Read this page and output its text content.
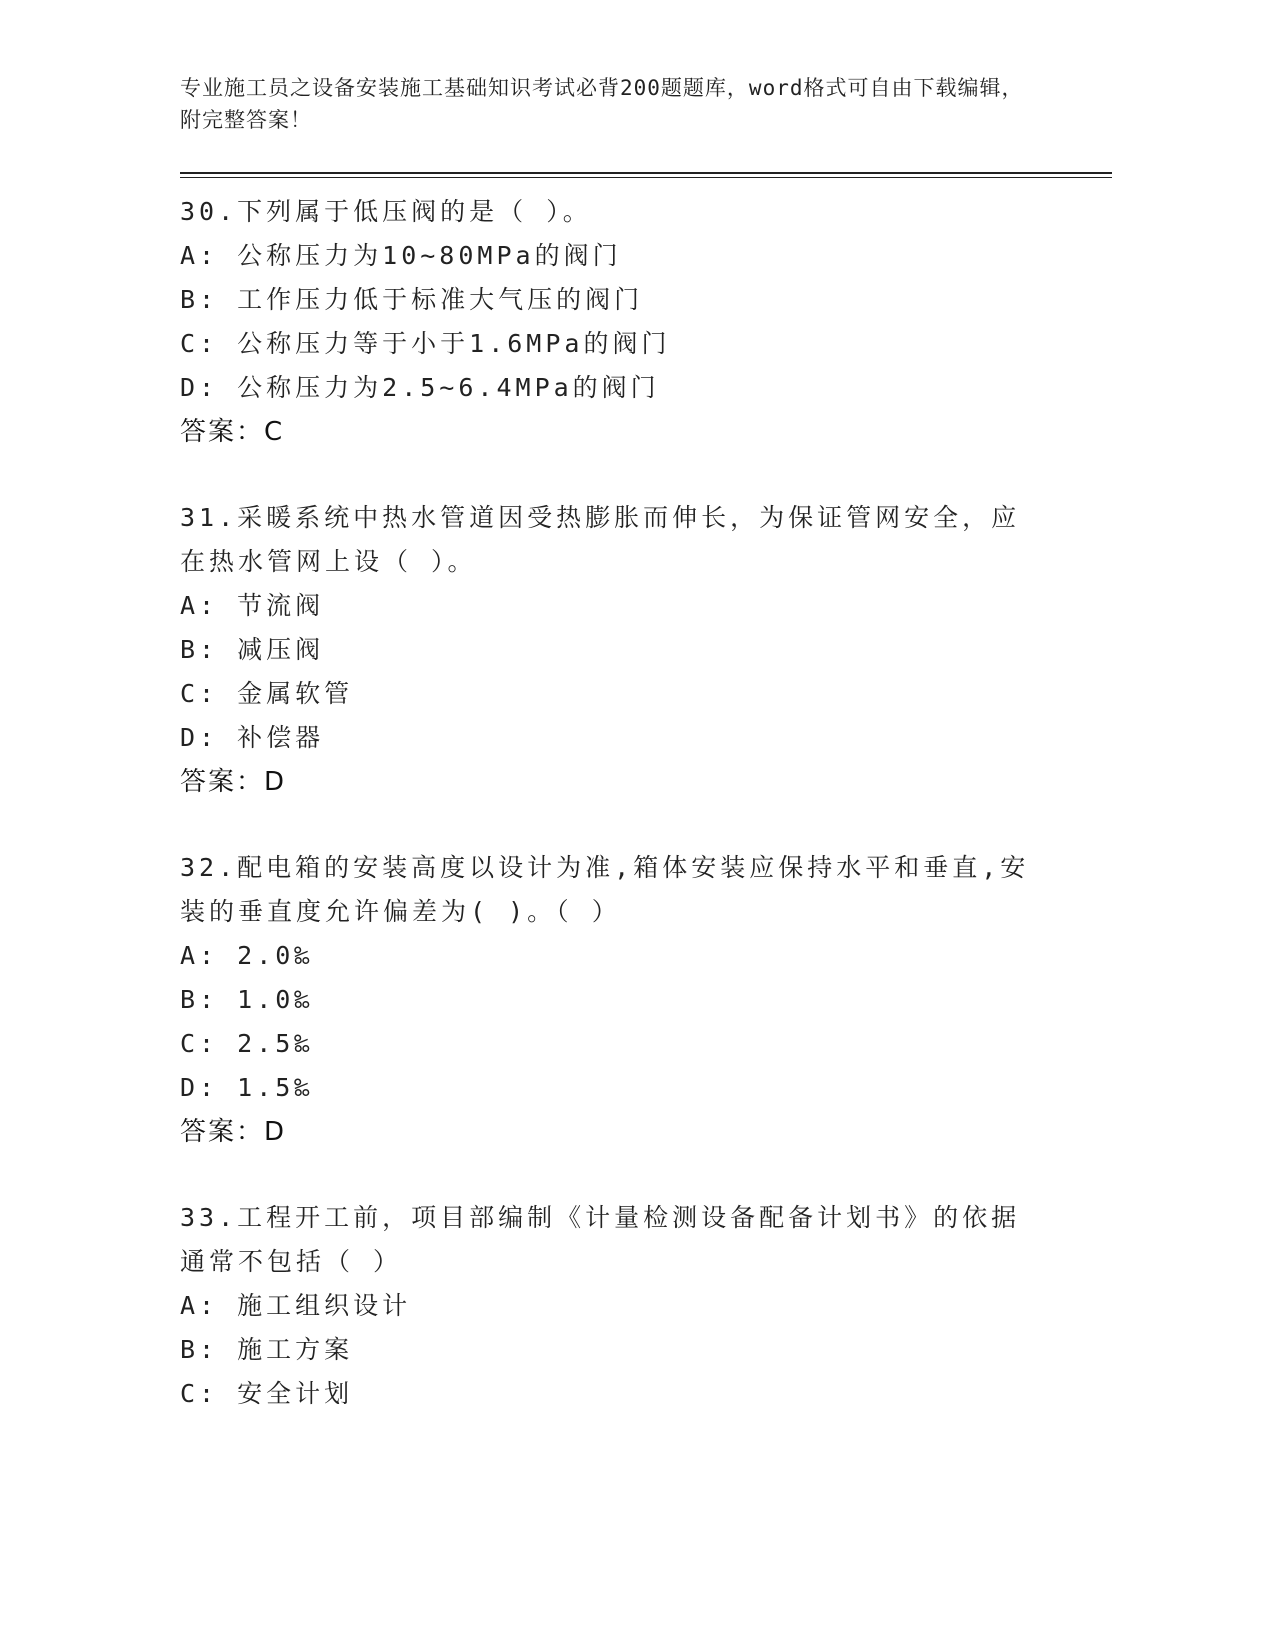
专业施工员之设备安装施工基础知识考试必背200题题库，word格式可自由下载编辑，附完整答案！
30.下列属于低压阀的是（ ）。
A: 公称压力为10~80MPa的阀门
B: 工作压力低于标准大气压的阀门
C: 公称压力等于小于1.6MPa的阀门
D: 公称压力为2.5~6.4MPa的阀门
答案：C
31.采暖系统中热水管道因受热膨胀而伸长，为保证管网安全，应在热水管网上设（ ）。
A: 节流阀
B: 减压阀
C: 金属软管
D: 补偿器
答案：D
32.配电箱的安装高度以设计为准,箱体安装应保持水平和垂直,安装的垂直度允许偏差为( )。（ ）
A: 2.0‰
B: 1.0‰
C: 2.5‰
D: 1.5‰
答案：D
33.工程开工前，项目部编制《计量检测设备配备计划书》的依据通常不包括（ ）
A: 施工组织设计
B: 施工方案
C: 安全计划
